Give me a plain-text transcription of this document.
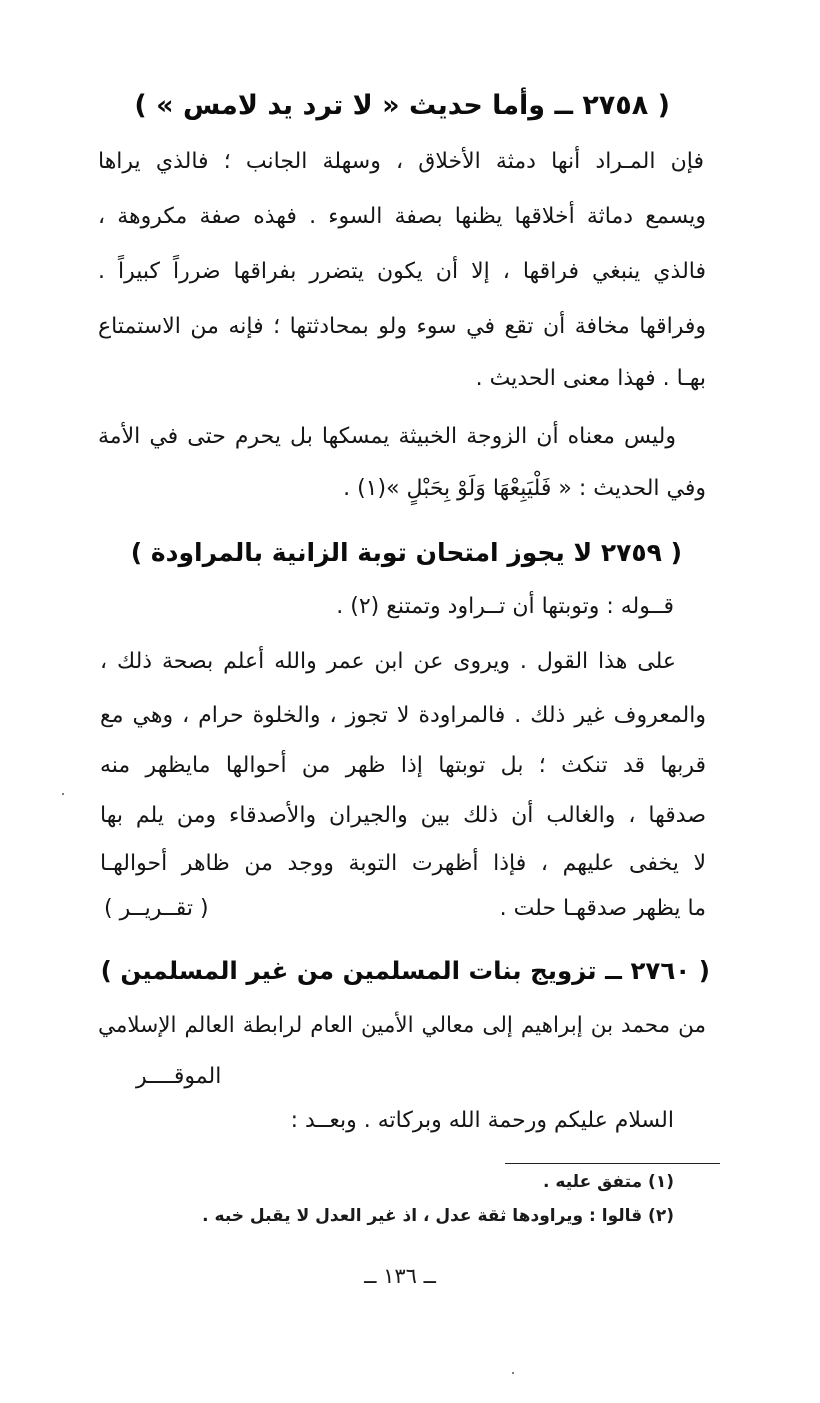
( ٢٧٥٨ ــ وأما حديث « لا ترد يد لامس » )
فإن المـراد أنها دمثة الأخلاق ، وسهلة الجانب ؛ فالذي يراها
ويسمع دماثة أخلاقها يظنها بصفة السوء . فهذه صفة مكروهة ،
فالذي ينبغي فراقها ، إلا أن يكون يتضرر بفراقها ضرراً كبيراً .
وفراقها مخافة أن تقع في سوء ولو بمحادثتها ؛ فإنه من الاستمتاع
بهـا . فهذا معنى الحديث .
وليس معناه أن الزوجة الخبيثة يمسكها بل يحرم حتى في الأمة
وفي الحديث : « فَلْيَبِعْهَا وَلَوْ بِحَبْلٍ »(١) .
( ٢٧٥٩ لا يجوز امتحان توبة الزانية بالمراودة )
قــوله : وتوبتها أن تــراود وتمتنع (٢) .
على هذا القول . ويروى عن ابن عمر والله أعلم بصحة ذلك ،
والمعروف غير ذلك . فالمراودة لا تجوز ، والخلوة حرام ، وهي مع
قربها قد تنكث ؛ بل توبتها إذا ظهر من أحوالها مايظهر منه
صدقها ، والغالب أن ذلك بين والجيران والأصدقاء ومن يلم بها
لا يخفى عليهم ، فإذا أظهرت التوبة ووجد من ظاهر أحوالهـا
ما يظهر صدقهـا حلت .
( تقــريــر )
( ٢٧٦٠ ــ تزويج بنات المسلمين من غير المسلمين )
من محمد بن إبراهيم إلى معالي الأمين العام لرابطة العالم الإسلامي
الموقــــر
السلام عليكم ورحمة الله وبركاته . وبعــد :
(١) متفق عليه .
(٢) قالوا : ويراودها ثقة عدل ، اذ غير العدل لا يقبل خبه .
ــ ١٣٦ ــ
